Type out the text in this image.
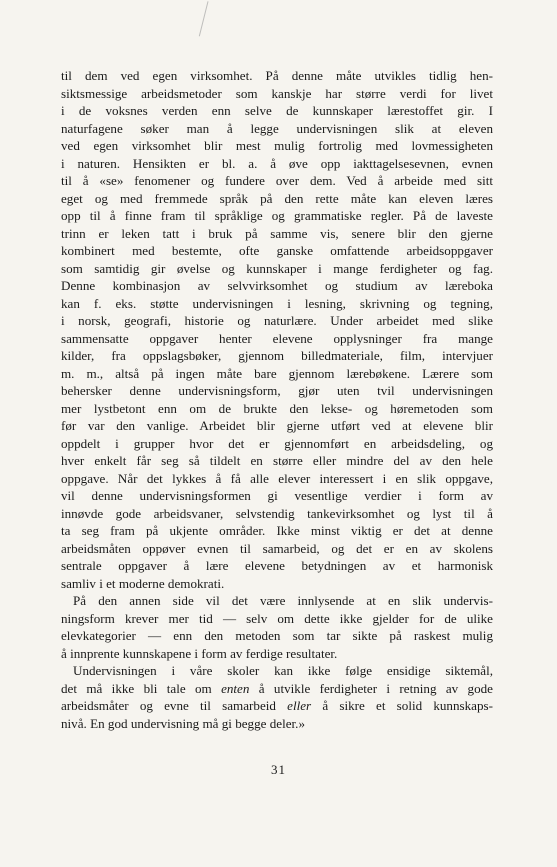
til dem ved egen virksomhet. På denne måte utvikles tidlig hen-
siktsmessige arbeidsmetoder som kanskje har større verdi for livet
i de voksnes verden enn selve de kunnskaper lærestoffet gir. I
naturfagene søker man å legge undervisningen slik at eleven
ved egen virksomhet blir mest mulig fortrolig med lovmessigheten
i naturen. Hensikten er bl. a. å øve opp iakttagelsesevnen, evnen
til å «se» fenomener og fundere over dem. Ved å arbeide med sitt
eget og med fremmede språk på den rette måte kan eleven læres
opp til å finne fram til språklige og grammatiske regler. På de laveste
trinn er leken tatt i bruk på samme vis, senere blir den gjerne
kombinert med bestemte, ofte ganske omfattende arbeidsoppgaver
som samtidig gir øvelse og kunnskaper i mange ferdigheter og fag.
Denne kombinasjon av selvvirksomhet og studium av læreboka
kan f. eks. støtte undervisningen i lesning, skrivning og tegning,
i norsk, geografi, historie og naturlære. Under arbeidet med slike
sammensatte oppgaver henter elevene opplysninger fra mange
kilder, fra oppslagsbøker, gjennom billedmateriale, film, intervjuer
m. m., altså på ingen måte bare gjennom lærebøkene. Lærere som
behersker denne undervisningsform, gjør uten tvil undervisningen
mer lystbetont enn om de brukte den lekse- og høremetoden som
før var den vanlige. Arbeidet blir gjerne utført ved at elevene blir
oppdelt i grupper hvor det er gjennomført en arbeidsdeling, og
hver enkelt får seg så tildelt en større eller mindre del av den hele
oppgave. Når det lykkes å få alle elever interessert i en slik oppgave,
vil denne undervisningsformen gi vesentlige verdier i form av
innøvde gode arbeidsvaner, selvstendig tankevirksomhet og lyst til å
ta seg fram på ukjente områder. Ikke minst viktig er det at denne
arbeidsmåten oppøver evnen til samarbeid, og det er en av skolens
sentrale oppgaver å lære elevene betydningen av et harmonisk
samliv i et moderne demokrati.
På den annen side vil det være innlysende at en slik undervis-
ningsform krever mer tid — selv om dette ikke gjelder for de ulike
elevkategorier — enn den metoden som tar sikte på raskest mulig
å innprente kunnskapene i form av ferdige resultater.
Undervisningen i våre skoler kan ikke følge ensidige siktemål,
det må ikke bli tale om enten å utvikle ferdigheter i retning av gode
arbeidsmåter og evne til samarbeid eller å sikre et solid kunnskaps-
nivå. En god undervisning må gi begge deler.»
31
